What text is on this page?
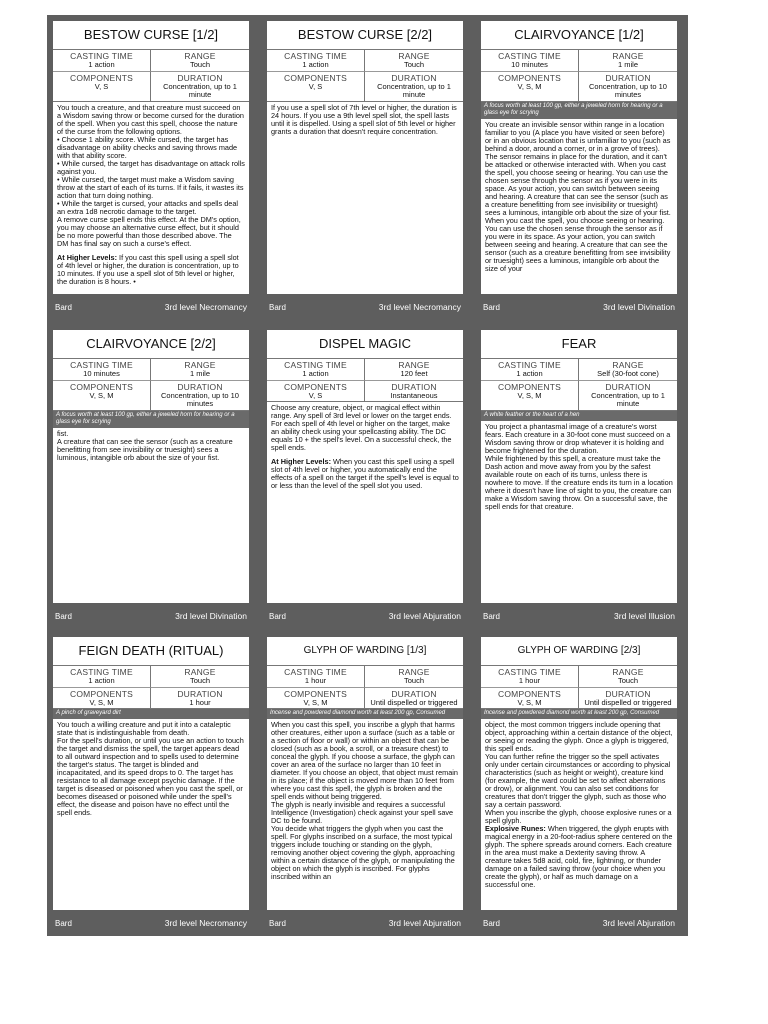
BESTOW CURSE [1/2]
CASTING TIME
1 action
RANGE
Touch
COMPONENTS
V, S
DURATION
Concentration, up to 1 minute

You touch a creature, and that creature must succeed on a Wisdom saving throw or become cursed for the duration of the spell. When you cast this spell, choose the nature of the curse from the following options.

• Choose 1 ability score. While cursed, the target has disadvantage on ability checks and saving throws made with that ability score.

• While cursed, the target has disadvantage on attack rolls against you.

• While cursed, the target must make a Wisdom saving throw at the start of each of its turns. If it fails, it wastes its action that turn doing nothing.

• While the target is cursed, your attacks and spells deal an extra 1d8 necrotic damage to the target.

A remove curse spell ends this effect. At the DM's option, you may choose an alternative curse effect, but it should be no more powerful than those described above. The DM has final say on such a curse's effect.

At Higher Levels: If you cast this spell using a spell slot of 4th level or higher, the duration is concentration, up to 10 minutes. If you use a spell slot of 5th level or higher, the duration is 8 hours. •

Bard	3rd level Necromancy
BESTOW CURSE [2/2]
CASTING TIME
1 action
RANGE
Touch
COMPONENTS
V, S
DURATION
Concentration, up to 1 minute

If you use a spell slot of 7th level or higher, the duration is 24 hours. If you use a 9th level spell slot, the spell lasts until it is dispelled. Using a spell slot of 5th level or higher grants a duration that doesn't require concentration.

Bard	3rd level Necromancy
CLAIRVOYANCE [1/2]
CASTING TIME
10 minutes
RANGE
1 mile
COMPONENTS
V, S, M
DURATION
Concentration, up to 10 minutes
A focus worth at least 100 gp, either a jeweled horn for hearing or a glass eye for scrying

You create an invisible sensor within range in a location familiar to you (A place you have visited or seen before) or in an obvious location that is unfamiliar to you (such as behind a door, around a corner, or in a grove of trees). The sensor remains in place for the duration, and it can't be attacked or otherwise interacted with. When you cast the spell, you choose seeing or hearing. You can use the chosen sense through the sensor as if you were in its space. As your action, you can switch between seeing and hearing. A creature that can see the sensor (such as a creature benefitting from see invisibility or truesight) sees a luminous, intangible orb about the size of your fist.

When you cast the spell, you choose seeing or hearing. You can use the chosen sense through the sensor as if you were in its space. As your action, you can switch between seeing and hearing. A creature that can see the sensor (such as a creature benefitting from see invisibility or truesight) sees a luminous, intangible orb about the size of your

Bard	3rd level Divination
CLAIRVOYANCE [2/2]
CASTING TIME
10 minutes
RANGE
1 mile
COMPONENTS
V, S, M
DURATION
Concentration, up to 10 minutes
A focus worth at least 100 gp, either a jeweled horn for hearing or a glass eye for scrying

fist.

A creature that can see the sensor (such as a creature benefitting from see invisibility or truesight) sees a luminous, intangible orb about the size of your fist.

Bard	3rd level Divination
DISPEL MAGIC
CASTING TIME
1 action
RANGE
120 feet
COMPONENTS
V, S
DURATION
Instantaneous

Choose any creature, object, or magical effect within range. Any spell of 3rd level or lower on the target ends. For each spell of 4th level or higher on the target, make an ability check using your spellcasting ability. The DC equals 10 + the spell's level. On a successful check, the spell ends.

At Higher Levels: When you cast this spell using a spell slot of 4th level or higher, you automatically end the effects of a spell on the target if the spell's level is equal to or less than the level of the spell slot you used.

Bard	3rd level Abjuration
FEAR
CASTING TIME
1 action
RANGE
Self (30-foot cone)
COMPONENTS
V, S, M
DURATION
Concentration, up to 1 minute
A white feather or the heart of a hen

You project a phantasmal image of a creature's worst fears. Each creature in a 30-foot cone must succeed on a Wisdom saving throw or drop whatever it is holding and become frightened for the duration.

While frightened by this spell, a creature must take the Dash action and move away from you by the safest available route on each of its turns, unless there is nowhere to move. If the creature ends its turn in a location where it doesn't have line of sight to you, the creature can make a Wisdom saving throw. On a successful save, the spell ends for that creature.

Bard	3rd level Illusion
FEIGN DEATH (RITUAL)
CASTING TIME
1 action
RANGE
Touch
COMPONENTS
V, S, M
DURATION
1 hour
A pinch of graveyard dirt

You touch a willing creature and put it into a cataleptic state that is indistinguishable from death.

For the spell's duration, or until you use an action to touch the target and dismiss the spell, the target appears dead to all outward inspection and to spells used to determine the target's status. The target is blinded and incapacitated, and its speed drops to 0. The target has resistance to all damage except psychic damage. If the target is diseased or poisoned when you cast the spell, or becomes diseased or poisoned while under the spell's effect, the disease and poison have no effect until the spell ends.

Bard	3rd level Necromancy
GLYPH OF WARDING [1/3]
CASTING TIME
1 hour
RANGE
Touch
COMPONENTS
V, S, M
DURATION
Until dispelled or triggered
Incense and powdered diamond worth at least 200 gp, Consumed

When you cast this spell, you inscribe a glyph that harms other creatures, either upon a surface (such as a table or a section of floor or wall) or within an object that can be closed (such as a book, a scroll, or a treasure chest) to conceal the glyph. If you choose a surface, the glyph can cover an area of the surface no larger than 10 feet in diameter. If you choose an object, that object must remain in its place; if the object is moved more than 10 feet from where you cast this spell, the glyph is broken and the spell ends without being triggered.

The glyph is nearly invisible and requires a successful Intelligence (Investigation) check against your spell save DC to be found.

You decide what triggers the glyph when you cast the spell. For glyphs inscribed on a surface, the most typical triggers include touching or standing on the glyph, removing another object covering the glyph, approaching within a certain distance of the glyph, or manipulating the object on which the glyph is inscribed. For glyphs inscribed within an

Bard	3rd level Abjuration
GLYPH OF WARDING [2/3]
CASTING TIME
1 hour
RANGE
Touch
COMPONENTS
V, S, M
DURATION
Until dispelled or triggered
Incense and powdered diamond worth at least 200 gp, Consumed

object, the most common triggers include opening that object, approaching within a certain distance of the object, or seeing or reading the glyph. Once a glyph is triggered, this spell ends.

You can further refine the trigger so the spell activates only under certain circumstances or according to physical characteristics (such as height or weight), creature kind (for example, the ward could be set to affect aberrations or drow), or alignment. You can also set conditions for creatures that don't trigger the glyph, such as those who say a certain password.

When you inscribe the glyph, choose explosive runes or a spell glyph.

Explosive Runes: When triggered, the glyph erupts with magical energy in a 20-foot-radius sphere centered on the glyph. The sphere spreads around corners. Each creature in the area must make a Dexterity saving throw. A creature takes 5d8 acid, cold, fire, lightning, or thunder damage on a failed saving throw (your choice when you create the glyph), or half as much damage on a successful one.

Bard	3rd level Abjuration
